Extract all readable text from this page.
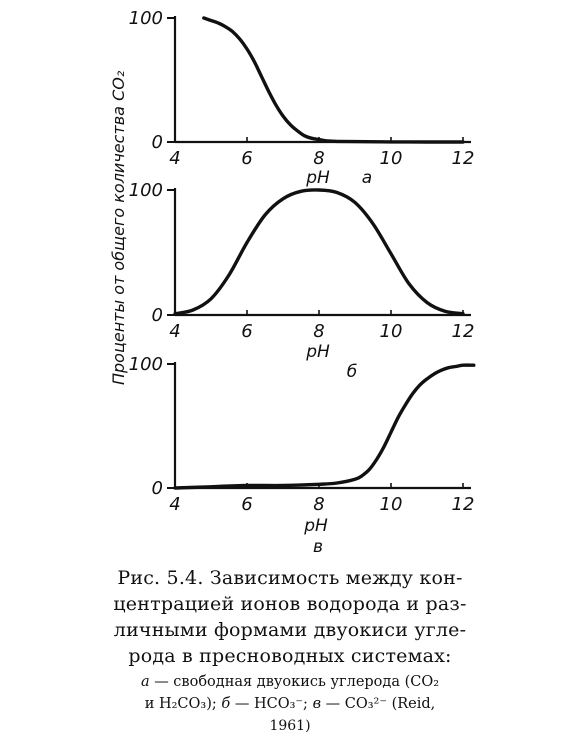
Проценты от общего количества CO₂ 0
100
4	6	8	10	12
pH а
0
100
4	6	8	10	12
pH
б
0
100
4	6	8	10	12
pH
в
Рис. 5.4. Зависимость между кон-
центрацией ионов водорода и раз-
личными формами двуокиси угле-
рода в пресноводных системах:
а — свободная двуокись углерода (CO₂
и H₂CO₃); б — HCO₃⁻; в — CO₃²⁻ (Reid,
1961)
